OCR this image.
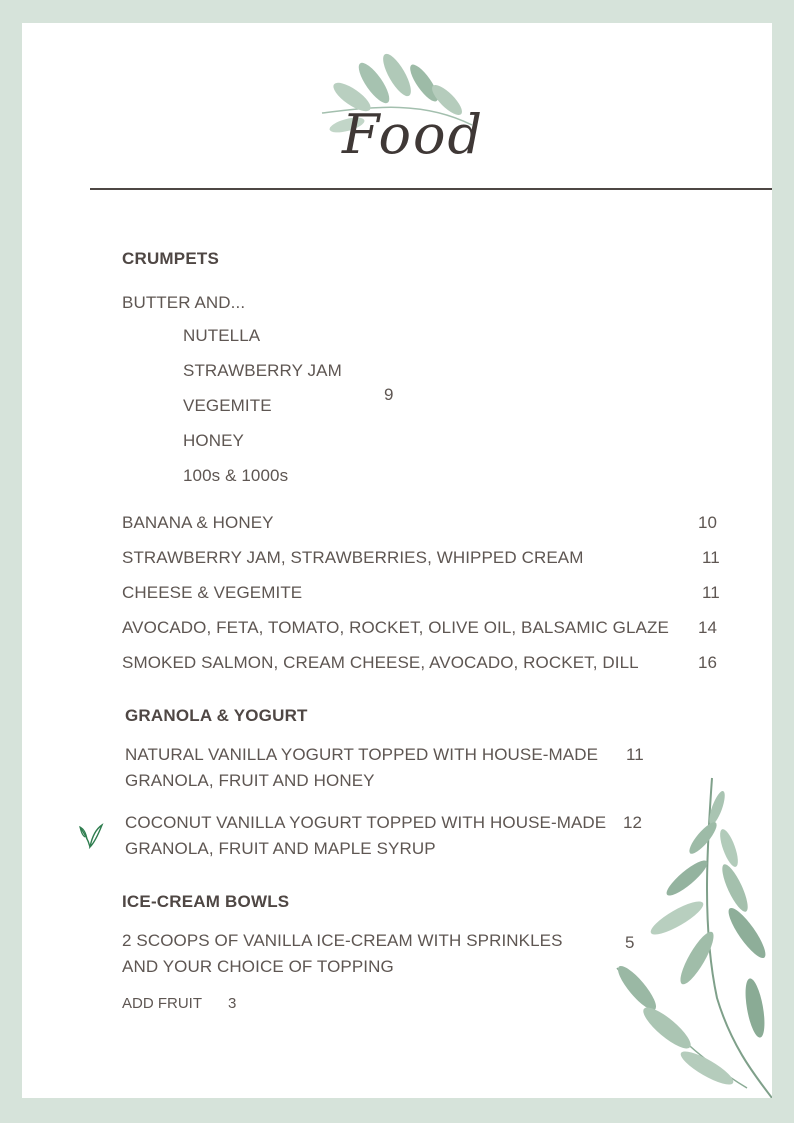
Food
CRUMPETS
BUTTER AND...
NUTELLA
STRAWBERRY JAM
VEGEMITE
HONEY
100s & 1000s
9
BANANA & HONEY	10
STRAWBERRY JAM, STRAWBERRIES, WHIPPED CREAM	11
CHEESE & VEGEMITE	11
AVOCADO, FETA, TOMATO, ROCKET, OLIVE OIL, BALSAMIC GLAZE 14
SMOKED SALMON, CREAM CHEESE, AVOCADO, ROCKET, DILL	16
GRANOLA & YOGURT
NATURAL VANILLA YOGURT TOPPED WITH HOUSE-MADE
GRANOLA, FRUIT AND HONEY
11
COCONUT VANILLA YOGURT TOPPED WITH HOUSE-MADE
GRANOLA, FRUIT AND MAPLE SYRUP
12
ICE-CREAM BOWLS
2 SCOOPS OF VANILLA ICE-CREAM WITH SPRINKLES
AND YOUR CHOICE OF TOPPING
5
ADD FRUIT 3
